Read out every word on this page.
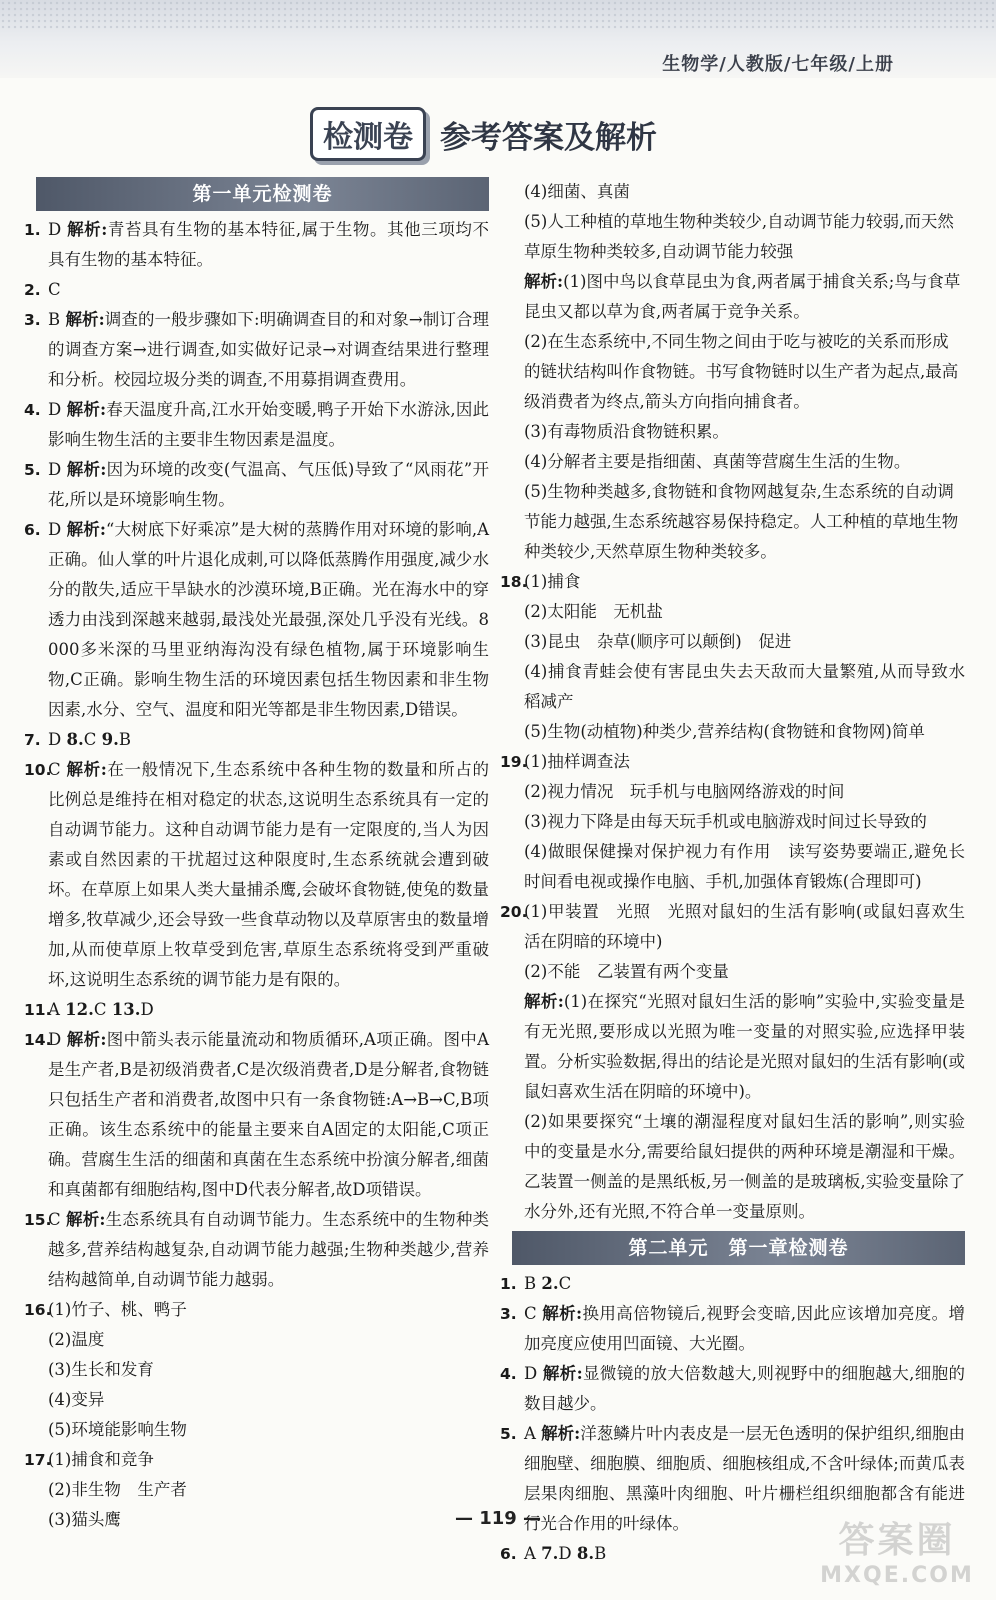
生物学/人教版/七年级/上册
检测卷 参考答案及解析
第一单元检测卷
1. D 解析:青苔具有生物的基本特征,属于生物。其他三项均不具有生物的基本特征。
2. C
3. B 解析:调查的一般步骤如下:明确调查目的和对象→制订合理的调查方案→进行调查,如实做好记录→对调查结果进行整理和分析。校园垃圾分类的调查,不用募捐调查费用。
4. D 解析:春天温度升高,江水开始变暖,鸭子开始下水游泳,因此影响生物生活的主要非生物因素是温度。
5. D 解析:因为环境的改变(气温高、气压低)导致了“风雨花”开花,所以是环境影响生物。
6. D 解析:“大树底下好乘凉”是大树的蒸腾作用对环境的影响,A正确。仙人掌的叶片退化成刺,可以降低蒸腾作用强度,减少水分的散失,适应干旱缺水的沙漠环境,B正确。光在海水中的穿透力由浅到深越来越弱,最浅处光最强,深处几乎没有光线。8 000多米深的马里亚纳海沟没有绿色植物,属于环境影响生物,C正确。影响生物生活的环境因素包括生物因素和非生物因素,水分、空气、温度和阳光等都是非生物因素,D错误。
7. D 8.C 9.B
10.
C 解析:在一般情况下,生态系统中各种生物的数量和所占的比例总是维持在相对稳定的状态,这说明生态系统具有一定的自动调节能力。这种自动调节能力是有一定限度的,当人为因素或自然因素的干扰超过这种限度时,生态系统就会遭到破坏。在草原上如果人类大量捕杀鹰,会破坏食物链,使兔的数量增多,牧草减少,还会导致一些食草动物以及草原害虫的数量增加,从而使草原上牧草受到危害,草原生态系统将受到严重破坏,这说明生态系统的调节能力是有限的。
11.
A 12.C 13.D
14.
D 解析:图中箭头表示能量流动和物质循环,A项正确。图中A是生产者,B是初级消费者,C是次级消费者,D是分解者,食物链只包括生产者和消费者,故图中只有一条食物链:A→B→C,B项正确。该生态系统中的能量主要来自A固定的太阳能,C项正确。营腐生生活的细菌和真菌在生态系统中扮演分解者,细菌和真菌都有细胞结构,图中D代表分解者,故D项错误。
15.
C 解析:生态系统具有自动调节能力。生态系统中的生物种类越多,营养结构越复杂,自动调节能力越强;生物种类越少,营养结构越简单,自动调节能力越弱。
16.
(1)竹子、桃、鸭子
(2)温度
(3)生长和发育
(4)变异
(5)环境能影响生物
17.
(1)捕食和竞争
(2)非生物　生产者
(3)猫头鹰
(4)细菌、真菌
(5)人工种植的草地生物种类较少,自动调节能力较弱,而天然草原生物种类较多,自动调节能力较强
解析:(1)图中鸟以食草昆虫为食,两者属于捕食关系;鸟与食草昆虫又都以草为食,两者属于竞争关系。
(2)在生态系统中,不同生物之间由于吃与被吃的关系而形成的链状结构叫作食物链。书写食物链时以生产者为起点,最高级消费者为终点,箭头方向指向捕食者。
(3)有毒物质沿食物链积累。
(4)分解者主要是指细菌、真菌等营腐生生活的生物。
(5)生物种类越多,食物链和食物网越复杂,生态系统的自动调节能力越强,生态系统越容易保持稳定。人工种植的草地生物种类较少,天然草原生物种类较多。
18.
(1)捕食
(2)太阳能　无机盐
(3)昆虫　杂草(顺序可以颠倒)　促进
(4)捕食青蛙会使有害昆虫失去天敌而大量繁殖,从而导致水稻减产
(5)生物(动植物)种类少,营养结构(食物链和食物网)简单
19.
(1)抽样调查法
(2)视力情况　玩手机与电脑网络游戏的时间
(3)视力下降是由每天玩手机或电脑游戏时间过长导致的
(4)做眼保健操对保护视力有作用　读写姿势要端正,避免长时间看电视或操作电脑、手机,加强体育锻炼(合理即可)
20.
(1)甲装置　光照　光照对鼠妇的生活有影响(或鼠妇喜欢生活在阴暗的环境中)
(2)不能　乙装置有两个变量
解析:(1)在探究“光照对鼠妇生活的影响”实验中,实验变量是有无光照,要形成以光照为唯一变量的对照实验,应选择甲装置。分析实验数据,得出的结论是光照对鼠妇的生活有影响(或鼠妇喜欢生活在阴暗的环境中)。
(2)如果要探究“土壤的潮湿程度对鼠妇生活的影响”,则实验中的变量是水分,需要给鼠妇提供的两种环境是潮湿和干燥。乙装置一侧盖的是黑纸板,另一侧盖的是玻璃板,实验变量除了水分外,还有光照,不符合单一变量原则。
第二单元　第一章检测卷
1. B 2.C
3. C 解析:换用高倍物镜后,视野会变暗,因此应该增加亮度。增加亮度应使用凹面镜、大光圈。
4. D 解析:显微镜的放大倍数越大,则视野中的细胞越大,细胞的数目越少。
5. A 解析:洋葱鳞片叶内表皮是一层无色透明的保护组织,细胞由细胞壁、细胞膜、细胞质、细胞核组成,不含叶绿体;而黄瓜表层果肉细胞、黑藻叶肉细胞、叶片栅栏组织细胞都含有能进行光合作用的叶绿体。
6. A 7.D 8.B
— 119 —
答案圈
MXQE.COM
